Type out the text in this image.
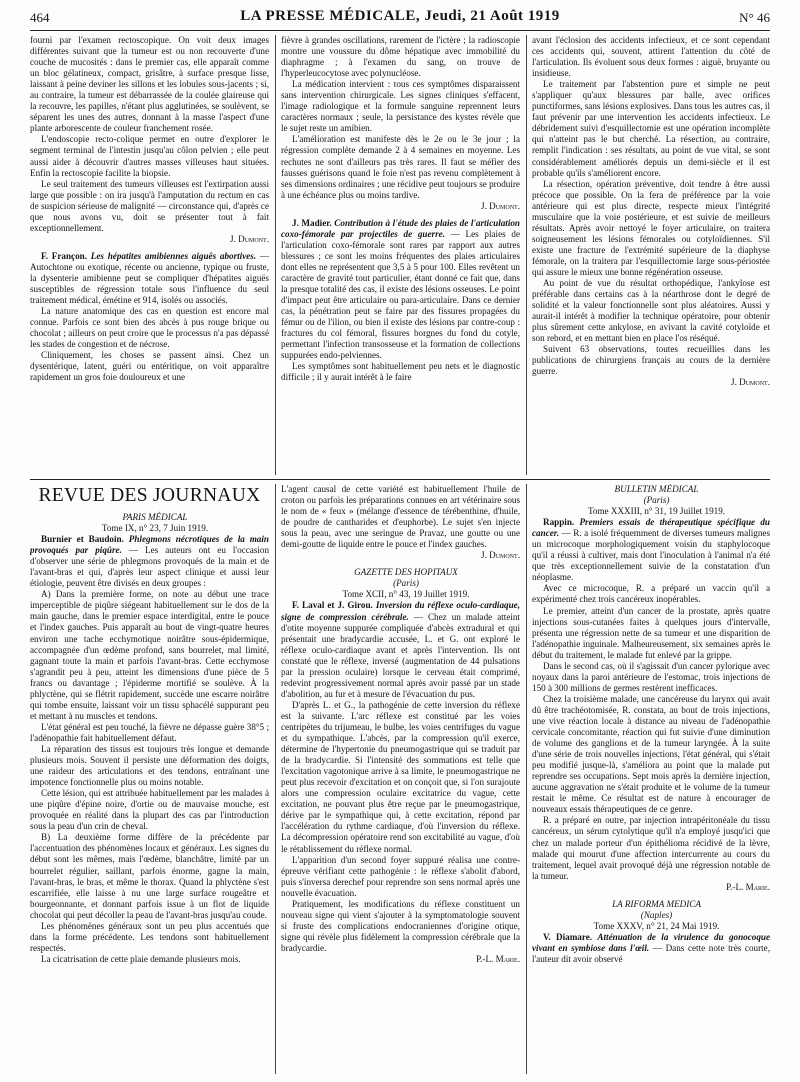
464	LA PRESSE MÉDICALE, Jeudi, 21 Août 1919	N° 46

fourni par l'examen rectoscopique. On voit deux images différentes suivant que la tumeur est ou non recouverte d'une couche de mucosités : dans le premier cas, elle apparaît comme un bloc gélatineux, compact, grisâtre, à surface presque lisse, laissant à peine deviner les sillons et les lobules sous-jacents ; si, au contraire, la tumeur est débarrassée de la coulée glaireuse qui la recouvre, les papilles, n'étant plus agglutinées, se soulèvent, se séparent les unes des autres, donnant à la masse l'aspect d'une plante arborescente de couleur franchement rosée.

L'endoscopie recto-colique permet en outre d'explorer le segment terminal de l'intestin jusqu'au côlon pelvien ; elle peut aussi aider à découvrir d'autres masses villeuses haut situées. Enfin la rectoscopie facilite la biopsie.

Le seul traitement des tumeurs villeuses est l'extirpation aussi large que possible : on ira jusqu'à l'amputation du rectum en cas de suspicion sérieuse de malignité — circonstance qui, d'après ce que nous avons vu, doit se présenter tout à fait exceptionnellement.

J. Dumont.

F. Françon. Les hépatites amibiennes aiguës abortives. — Autochtone ou exotique, récente ou ancienne, typique ou fruste, la dysenterie amibienne peut se compliquer d'hépatites aiguës susceptibles de régression totale sous l'influence du seul traitement médical, émétine et 914, isolés ou associés.

La nature anatomique des cas en question est encore mal connue. Parfois ce sont bien des abcès à pus rouge brique ou chocolat ; ailleurs on peut croire que le processus n'a pas dépassé les stades de congestion et de nécrose.

Cliniquement, les choses se passent ainsi. Chez un dysentérique, latent, guéri ou entéritique, on voit apparaître rapidement un gros foie douloureux et une

fièvre à grandes oscillations, rarement de l'ictère ; la radioscopie montre une voussure du dôme hépatique avec immobilité du diaphragme ; à l'examen du sang, on trouve de l'hyperleucocytose avec polynucléose.

La médication intervient : tous ces symptômes disparaissent sans intervention chirurgicale. Les signes cliniques s'effacent, l'image radiologique et la formule sanguine reprennent leurs caractères normaux ; seule, la persistance des kystes révèle que le sujet reste un amibien.

L'amélioration est manifeste dès le 2e ou le 3e jour ; la régression complète demande 2 à 4 semaines en moyenne. Les rechutes ne sont d'ailleurs pas très rares. Il faut se méfier des fausses guérisons quand le foie n'est pas revenu complètement à ses dimensions ordinaires ; une récidive peut toujours se produire à une échéance plus ou moins tardive.

J. Dumont.

J. Madier. Contribution à l'étude des plaies de l'articulation coxo-fémorale par projectiles de guerre. — Les plaies de l'articulation coxo-fémorale sont rares par rapport aux autres blessures ; ce sont les moins fréquentes des plaies articulaires dont elles ne représentent que 3,5 à 5 pour 100. Elles revêtent un caractère de gravité tout particulier, étant donné ce fait que, dans la presque totalité des cas, il existe des lésions osseuses. Le point d'impact peut être articulaire ou para-articulaire. Dans ce dernier cas, la pénétration peut se faire par des fissures propagées du fémur ou de l'ilion, ou bien il existe des lésions par contre-coup : fractures du col fémoral, fissures borgnes du fond du cotyle, permettant l'infection transosseuse et la formation de collections suppurées endo-pelviennes.

Les symptômes sont habituellement peu nets et le diagnostic difficile ; il y aurait intérêt à le faire

avant l'éclosion des accidents infectieux, et ce sont cependant ces accidents qui, souvent, attirent l'attention du côté de l'articulation. Ils évoluent sous deux formes : aiguë, bruyante ou insidieuse.

Le traitement par l'abstention pure et simple ne peut s'appliquer qu'aux blessures par balle, avec orifices punctiformes, sans lésions explosives. Dans tous les autres cas, il faut prévenir par une intervention les accidents infectieux. Le débridement suivi d'esquillectomie est une opération incomplète qui n'atteint pas le but cherché. La résection, au contraire, remplit l'indication : ses résultats, au point de vue vital, se sont considérablement améliorés depuis un demi-siècle et il est probable qu'ils s'améliorent encore.

La résection, opération préventive, doit tendre à être aussi précoce que possible. On la fera de préférence par la voie antérieure qui est plus directe, respecte mieux l'intégrité musculaire que la voie postérieure, et est suivie de meilleurs résultats. Après avoir nettoyé le foyer articulaire, on traitera soigneusement les lésions fémorales ou cotyloïdiennes. S'il existe une fracture de l'extrémité supérieure de la diaphyse fémorale, on la traitera par l'esquillectomie large sous-périostée qui assure le mieux une bonne régénération osseuse.

Au point de vue du résultat orthopédique, l'ankylose est préférable dans certains cas à la néarthrose dont le degré de solidité et la valeur fonctionnelle sont plus aléatoires. Aussi y aurait-il intérêt à modifier la technique opératoire, pour obtenir plus sûrement cette ankylose, en avivant la cavité cotyloïde et son rebord, et en mettant bien en place l'os réséqué.

Suivent 63 observations, toutes recueillies dans les publications de chirurgiens français au cours de la dernière guerre.

J. Dumont.

REVUE DES JOURNAUX

PARIS MÉDICAL

Tome IX, n° 23, 7 Juin 1919.

Burnier et Baudoin. Phlegmons nécrotiques de la main provoqués par piqûre. — Les auteurs ont eu l'occasion d'observer une série de phlegmons provoqués de la main et de l'avant-bras et qui, d'après leur aspect clinique et aussi leur étiologie, peuvent être divisés en deux groupes :

A) Dans la première forme, on note au début une trace imperceptible de piqûre siégeant habituellement sur le dos de la main gauche, dans le premier espace interdigital, entre le pouce et l'index gauches. Puis apparaît au bout de vingt-quatre heures environ une tache ecchymotique noirâtre sous-épidermique, accompagnée d'un œdème profond, sans bourrelet, mal limité, gagnant toute la main et parfois l'avant-bras. Cette ecchymose s'agrandit peu à peu, atteint les dimensions d'une pièce de 5 francs ou davantage ; l'épiderme mortifié se soulève. À la phlyctène, qui se flétrit rapidement, succède une escarre noirâtre qui tombe ensuite, laissant voir un tissu sphacélé suppurant peu et mettant à nu muscles et tendons.

L'état général est peu touché, la fièvre ne dépasse guère 38°5 ; l'adénopathie fait habituellement défaut.

La réparation des tissus est toujours très longue et demande plusieurs mois. Souvent il persiste une déformation des doigts, une raideur des articulations et des tendons, entraînant une impotence fonctionnelle plus ou moins notable.

Cette lésion, qui est attribuée habituellement par les malades à une piqûre d'épine noire, d'ortie ou de mauvaise mouche, est provoquée en réalité dans la plupart des cas par l'introduction sous la peau d'un crin de cheval.

B) La deuxième forme diffère de la précédente par l'accentuation des phénomènes locaux et généraux. Les signes du début sont les mêmes, mais l'œdème, blanchâtre, limité par un bourrelet régulier, saillant, parfois énorme, gagne la main, l'avant-bras, le bras, et même le thorax. Quand la phlyctène s'est escarrifiée, elle laisse à nu une large surface rougeâtre et bourgeonnante, et donnant parfois issue à un flot de liquide chocolat qui peut décoller la peau de l'avant-bras jusqu'au coude.

Les phénomènes généraux sont un peu plus accentués que dans la forme précédente. Les tendons sont habituellement respectés.

La cicatrisation de cette plaie demande plusieurs mois.

L'agent causal de cette variété est habituellement l'huile de croton ou parfois les préparations connues en art vétérinaire sous le nom de « feux » (mélange d'essence de térébenthine, d'huile, de poudre de cantharides et d'euphorbe). Le sujet s'en injecte sous la peau, avec une seringue de Pravaz, une goutte ou une demi-goutte de liquide entre le pouce et l'index gauches.

J. Dumont.

GAZETTE DES HOPITAUX

(Paris)

Tome XCII, n° 43, 19 Juillet 1919.

F. Laval et J. Girou. Inversion du réflexe oculo-cardiaque, signe de compression cérébrale. — Chez un malade atteint d'otite moyenne suppurée compliquée d'abcès extradural et qui présentait une bradycardie accusée, L. et G. ont exploré le réflexe oculo-cardiaque avant et après l'intervention. Ils ont constaté que le réflexe, inversé (augmentation de 44 pulsations par la pression oculaire) lorsque le cerveau était comprimé, redevint progressivement normal après avoir passé par un stade d'abolition, au fur et à mesure de l'évacuation du pus.

D'après L. et G., la pathogénie de cette inversion du réflexe est la suivante. L'arc réflexe est constitué par les voies centripètes du trijumeau, le bulbe, les voies centrifuges du vague et du sympathique. L'abcès, par la compression qu'il exerce, détermine de l'hypertonie du pneumogastrique qui se traduit par de la bradycardie. Si l'intensité des sommations est telle que l'excitation vagotonique arrive à sa limite, le pneumogastrique ne peut plus recevoir d'excitation et on conçoit que, si l'on surajoute alors une compression oculaire excitatrice du vague, cette excitation, ne pouvant plus être reçue par le pneumogastrique, dérive par le sympathique qui, à cette excitation, répond par l'accélération du rythme cardiaque, d'où l'inversion du réflexe. La décompression opératoire rend son excitabilité au vague, d'où le rétablissement du réflexe normal.

L'apparition d'un second foyer suppuré réalisa une contre-épreuve vérifiant cette pathogénie : le réflexe s'abolit d'abord, puis s'inversa derechef pour reprendre son sens normal après une nouvelle évacuation.

Pratiquement, les modifications du réflexe constituent un nouveau signe qui vient s'ajouter à la symptomatologie souvent si fruste des complications endocraniennes d'origine otique, signe qui révèle plus fidèlement la compression cérébrale que la bradycardie.

P.-L. Marie.

BULLETIN MÉDICAL

(Paris)

Tome XXXIII, n° 31, 19 Juillet 1919.

Rappin. Premiers essais de thérapeutique spécifique du cancer. — R. a isolé fréquemment de diverses tumeurs malignes un microcoque morphologiquement voisin du staphylocoque qu'il a réussi à cultiver, mais dont l'inoculation à l'animal n'a été que très exceptionnellement suivie de la constatation d'un néoplasme.

Avec ce microcoque, R. a préparé un vaccin qu'il a expérimenté chez trois cancéreux inopérables.

Le premier, atteint d'un cancer de la prostate, après quatre injections sous-cutanées faites à quelques jours d'intervalle, présenta une régression nette de sa tumeur et une disparition de l'adénopathie inguinale. Malheureusement, six semaines après le début du traitement, le malade fut enlevé par la grippe.

Dans le second cas, où il s'agissait d'un cancer pylorique avec noyaux dans la paroi antérieure de l'estomac, trois injections de 150 à 300 millions de germes restèrent inefficaces.

Chez la troisième malade, une cancéreuse du larynx qui avait dû être trachéotomisée, R. constata, au bout de trois injections, une vive réaction locale à distance au niveau de l'adénopathie cervicale concomitante, réaction qui fut suivie d'une diminution de volume des ganglions et de la tumeur laryngée. À la suite d'une série de trois nouvelles injections, l'état général, qui s'était peu modifié jusque-là, s'améliora au point que la malade put reprendre ses occupations. Sept mois après la dernière injection, aucune aggravation ne s'était produite et le volume de la tumeur restait le même. Ce résultat est de nature à encourager de nouveaux essais thérapeutiques de ce genre.

R. a préparé en outre, par injection intrapéritonéale du tissu cancéreux, un sérum cytolytique qu'il n'a employé jusqu'ici que chez un malade porteur d'un épithélioma récidivé de la lèvre, malade qui mourut d'une affection intercurrente au cours du traitement, lequel avait provoqué déjà une régression notable de la tumeur.

P.-L. Marie.

LA RIFORMA MEDICA

(Naples)

Tome XXXV, n° 21, 24 Mai 1919.

V. Diamare. Atténuation de la virulence du gonocoque vivant en symbiose dans l'œil. — Dans cette note très courte, l'auteur dit avoir observé
